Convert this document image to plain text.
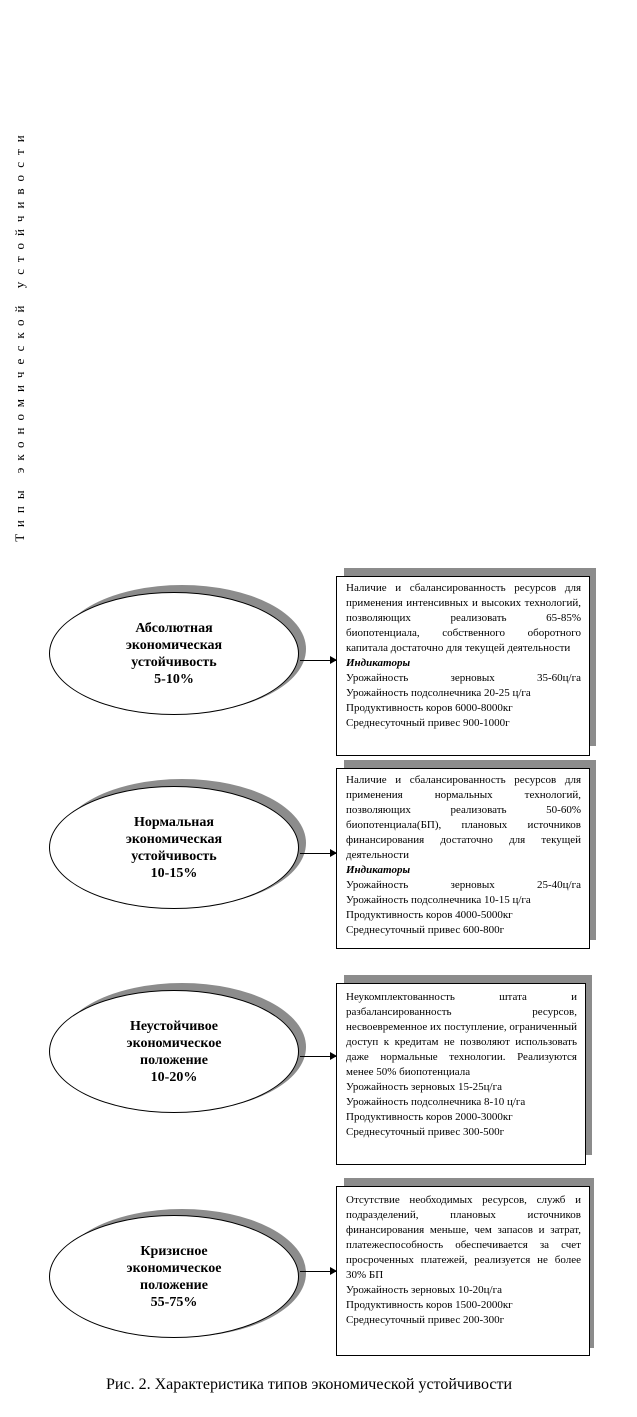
Типы экономической устойчивости
Абсолютная
экономическая
устойчивость
5-10%

Наличие и сбалансированность ресурсов для применения интенсивных и высоких технологий, позволяющих реализовать 65-85% биопотенциала, собственного оборотного капитала достаточно для текущей деятельности

Индикаторы

Урожайность зерновых 35-60ц/га

Урожайность подсолнечника 20-25 ц/га

Продуктивность коров 6000-8000кг

Среднесуточный привес 900-1000г

Нормальная
экономическая
устойчивость
10-15%

Наличие и сбалансированность ресурсов для применения нормальных технологий, позволяющих реализовать 50-60% биопотенциала(БП), плановых источников финансирования достаточно для текущей деятельности

Индикаторы

Урожайность зерновых 25-40ц/га

Урожайность подсолнечника 10-15 ц/га

Продуктивность коров 4000-5000кг

Среднесуточный привес 600-800г

Неустойчивое
экономическое
положение
10-20%

Неукомплектованность штата и разбалансированность ресурсов, несвоевременное их поступление, ограниченный доступ к кредитам не позволяют использовать даже нормальные технологии. Реализуются менее 50% биопотенциала

Урожайность зерновых 15-25ц/га

Урожайность подсолнечника 8-10 ц/га

Продуктивность коров 2000-3000кг

Среднесуточный привес 300-500г

Кризисное
экономическое
положение
55-75%

Отсутствие необходимых ресурсов, служб и подразделений, плановых источников финансирования меньше, чем запасов и затрат, платежеспособность обеспечивается за счет просроченных платежей, реализуется не более 30% БП

Урожайность зерновых 10-20ц/га

Продуктивность коров 1500-2000кг

Среднесуточный привес 200-300г

Рис. 2. Характеристика типов экономической устойчивости
